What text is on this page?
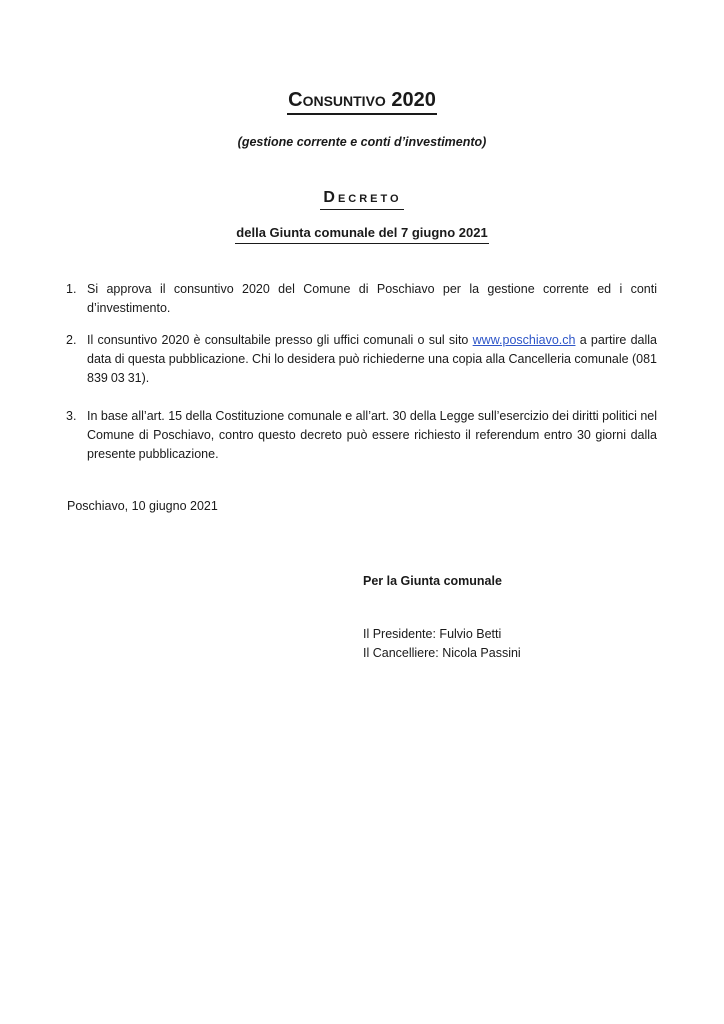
Consuntivo 2020
(gestione corrente e conti d’investimento)
Decreto
della Giunta comunale del 7 giugno 2021
1. Si approva il consuntivo 2020 del Comune di Poschiavo per la gestione corrente ed i conti d’investimento.
2. Il consuntivo 2020 è consultabile presso gli uffici comunali o sul sito www.poschiavo.ch a partire dalla data di questa pubblicazione. Chi lo desidera può richiederne una copia alla Cancelleria comunale (081 839 03 31).
3. In base all’art. 15 della Costituzione comunale e all’art. 30 della Legge sull’esercizio dei diritti politici nel Comune di Poschiavo, contro questo decreto può essere richiesto il referendum entro 30 giorni dalla presente pubblicazione.
Poschiavo, 10 giugno 2021
Per la Giunta comunale
Il Presidente: Fulvio Betti
Il Cancelliere: Nicola Passini
